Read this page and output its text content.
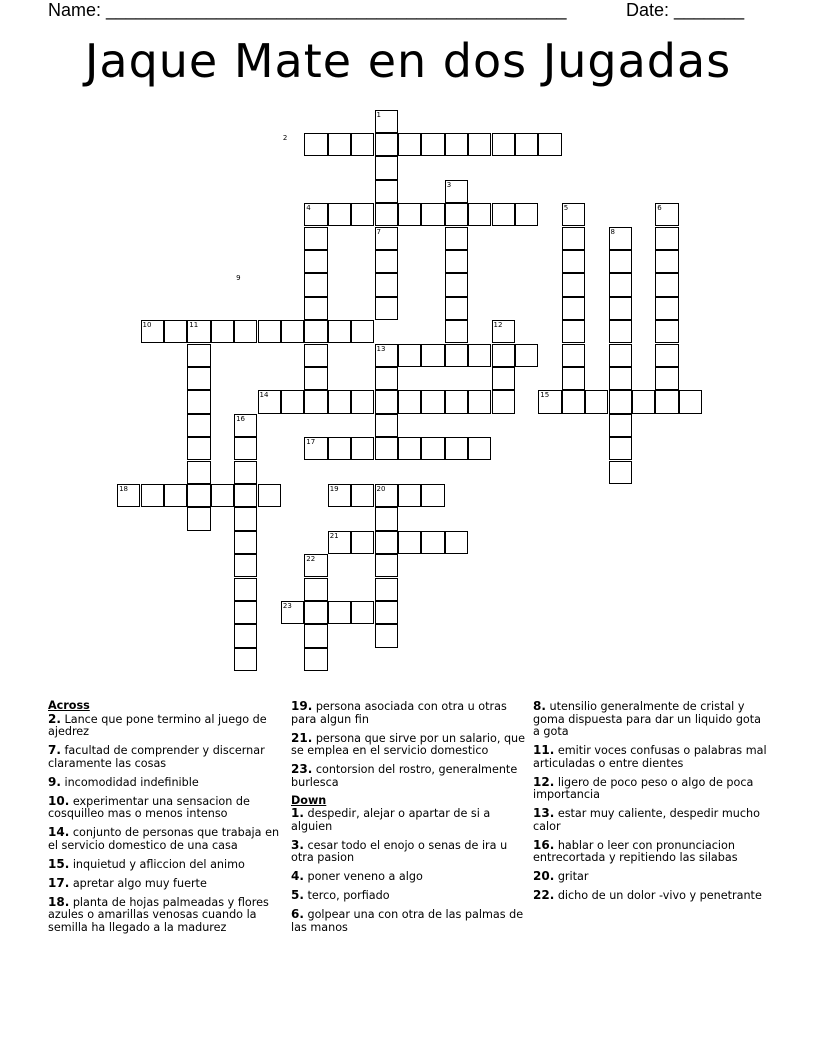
Name: ______________________________________________	Date: _______
Jaque Mate en dos Jugadas
1
2
3
4	5	6
7	8
9
10	11	12
13
14	15
16
17
18	19	20
21
22
23
Across
2. Lance que pone termino al juego de ajedrez
7. facultad de comprender y discernar claramente las cosas
9. incomodidad indefinible
10. experimentar una sensacion de cosquilleo mas o menos intenso
14. conjunto de personas que trabaja en el servicio domestico de una casa
15. inquietud y afliccion del animo
17. apretar algo muy fuerte
18. planta de hojas palmeadas y flores azules o amarillas venosas cuando la semilla ha llegado a la madurez
19. persona asociada con otra u otras para algun fin
21. persona que sirve por un salario, que se emplea en el servicio domestico
23. contorsion del rostro, generalmente burlesca
Down
1. despedir, alejar o apartar de si a alguien
3. cesar todo el enojo o senas de ira u otra pasion
4. poner veneno a algo
5. terco, porfiado
6. golpear una con otra de las palmas de las manos
8. utensilio generalmente de cristal y goma dispuesta para dar un liquido gota a gota
11. emitir voces confusas o palabras mal articuladas o entre dientes
12. ligero de poco peso o algo de poca importancia
13. estar muy caliente, despedir mucho calor
16. hablar o leer con pronunciacion entrecortada y repitiendo las silabas
20. gritar
22. dicho de un dolor -vivo y penetrante
